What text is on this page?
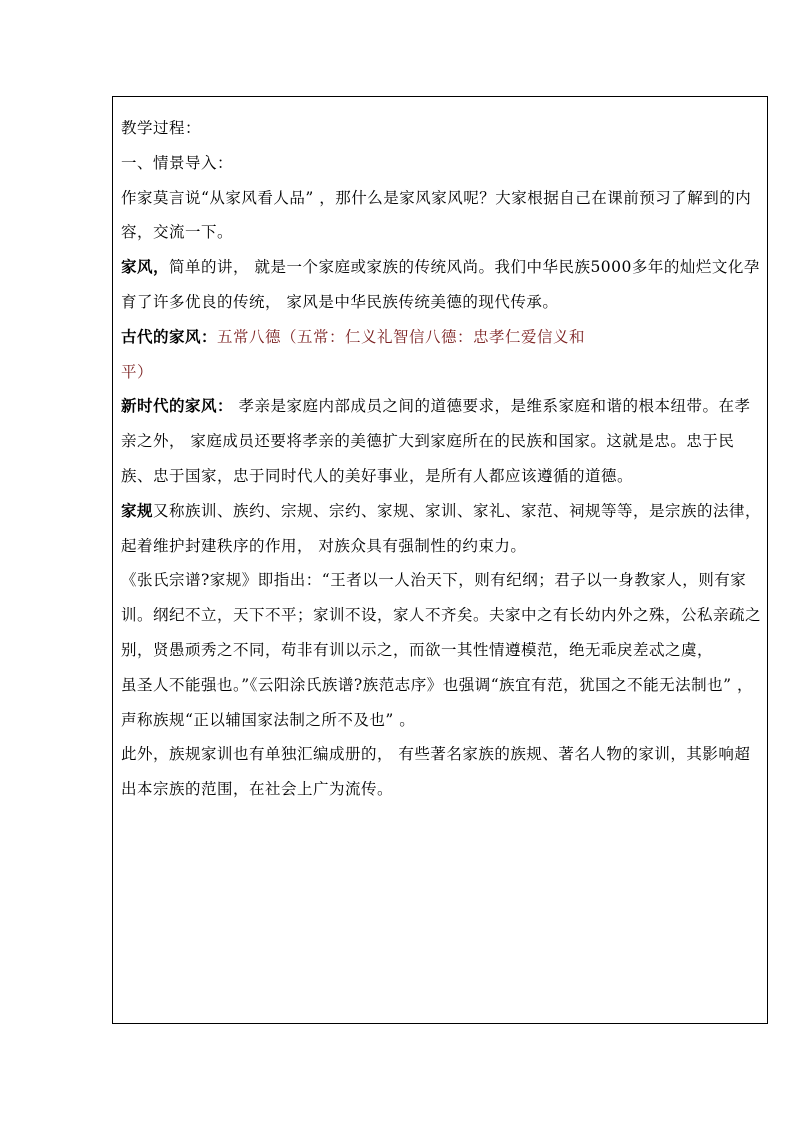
教学过程：

一、情景导入：

作家莫言说“从家风看人品” ，那什么是家风家风呢？大家根据自己在课前预习了解到的内容，交流一下。

家风，简单的讲， 就是一个家庭或家族的传统风尚。我们中华民族5000多年的灿烂文化孕育了许多优良的传统， 家风是中华民族传统美德的现代传承。

古代的家风：五常八德（五常：仁义礼智信八德：忠孝仁爱信义和

平）

新时代的家风： 孝亲是家庭内部成员之间的道德要求，是维系家庭和谐的根本纽带。在孝亲之外， 家庭成员还要将孝亲的美德扩大到家庭所在的民族和国家。这就是忠。忠于民族、忠于国家，忠于同时代人的美好事业，是所有人都应该遵循的道德。

家规又称族训、族约、宗规、宗约、家规、家训、家礼、家范、祠规等等，是宗族的法律， 起着维护封建秩序的作用， 对族众具有强制性的约束力。

《张氏宗谱?家规》即指出：“王者以一人治天下，则有纪纲；君子以一身教家人，则有家训。纲纪不立，天下不平；家训不设，家人不齐矣。夫家中之有长幼内外之殊，公私亲疏之别，贤愚顽秀之不同，苟非有训以示之，而欲一其性情遵模范，绝无乖戾差忒之虞，

虽圣人不能强也。”《云阳涂氏族谱?族范志序》也强调“族宜有范，犹国之不能无法制也” ，声称族规“正以辅国家法制之所不及也” 。

此外，族规家训也有单独汇编成册的， 有些著名家族的族规、著名人物的家训，其影响超出本宗族的范围，在社会上广为流传。
